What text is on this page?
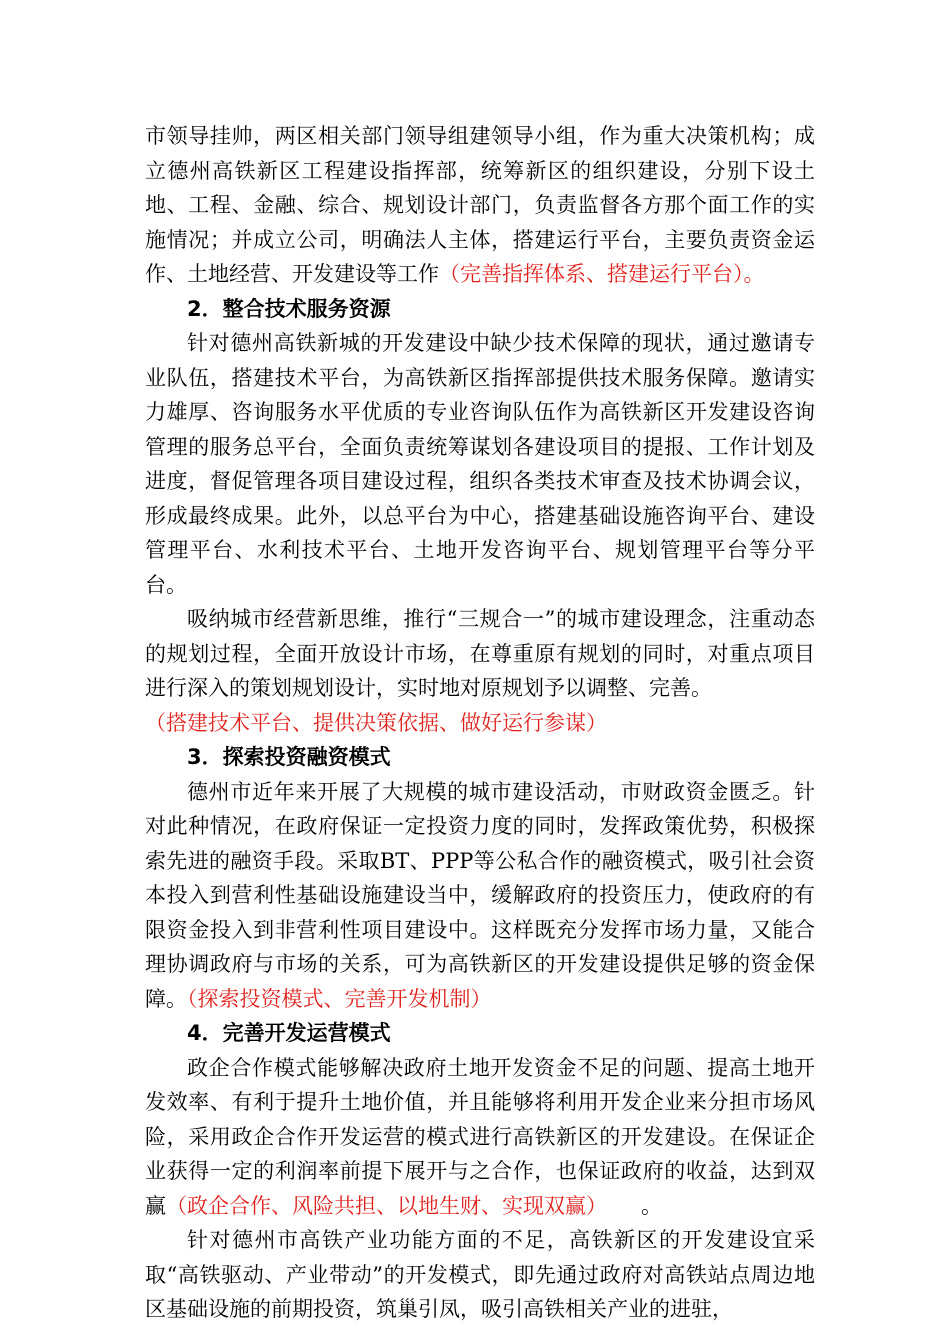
市领导挂帅，两区相关部门领导组建领导小组，作为重大决策机构；成立德州高铁新区工程建设指挥部，统筹新区的组织建设，分别下设土地、工程、金融、综合、规划设计部门，负责监督各方那个面工作的实施情况；并成立公司，明确法人主体，搭建运行平台，主要负责资金运作、土地经营、开发建设等工作（完善指挥体系、搭建运行平台）。

2．整合技术服务资源

针对德州高铁新城的开发建设中缺少技术保障的现状，通过邀请专业队伍，搭建技术平台，为高铁新区指挥部提供技术服务保障。邀请实力雄厚、咨询服务水平优质的专业咨询队伍作为高铁新区开发建设咨询管理的服务总平台，全面负责统筹谋划各建设项目的提报、工作计划及进度，督促管理各项目建设过程，组织各类技术审查及技术协调会议，形成最终成果。此外，以总平台为中心，搭建基础设施咨询平台、建设管理平台、水利技术平台、土地开发咨询平台、规划管理平台等分平台。

吸纳城市经营新思维，推行“三规合一”的城市建设理念，注重动态的规划过程，全面开放设计市场，在尊重原有规划的同时，对重点项目进行深入的策划规划设计，实时地对原规划予以调整、完善。

（搭建技术平台、提供决策依据、做好运行参谋）

3．探索投资融资模式

德州市近年来开展了大规模的城市建设活动，市财政资金匮乏。针对此种情况，在政府保证一定投资力度的同时，发挥政策优势，积极探索先进的融资手段。采取BT、PPP等公私合作的融资模式，吸引社会资本投入到营利性基础设施建设当中，缓解政府的投资压力，使政府的有限资金投入到非营利性项目建设中。这样既充分发挥市场力量，又能合理协调政府与市场的关系，可为高铁新区的开发建设提供足够的资金保障。（探索投资模式、完善开发机制）

4．完善开发运营模式

政企合作模式能够解决政府土地开发资金不足的问题、提高土地开发效率、有利于提升土地价值，并且能够将利用开发企业来分担市场风险，采用政企合作开发运营的模式进行高铁新区的开发建设。在保证企业获得一定的利润率前提下展开与之合作，也保证政府的收益，达到双赢（政企合作、风险共担、以地生财、实现双赢） 。

针对德州市高铁产业功能方面的不足，高铁新区的开发建设宜采取“高铁驱动、产业带动”的开发模式，即先通过政府对高铁站点周边地区基础设施的前期投资，筑巢引凤，吸引高铁相关产业的进驻，
